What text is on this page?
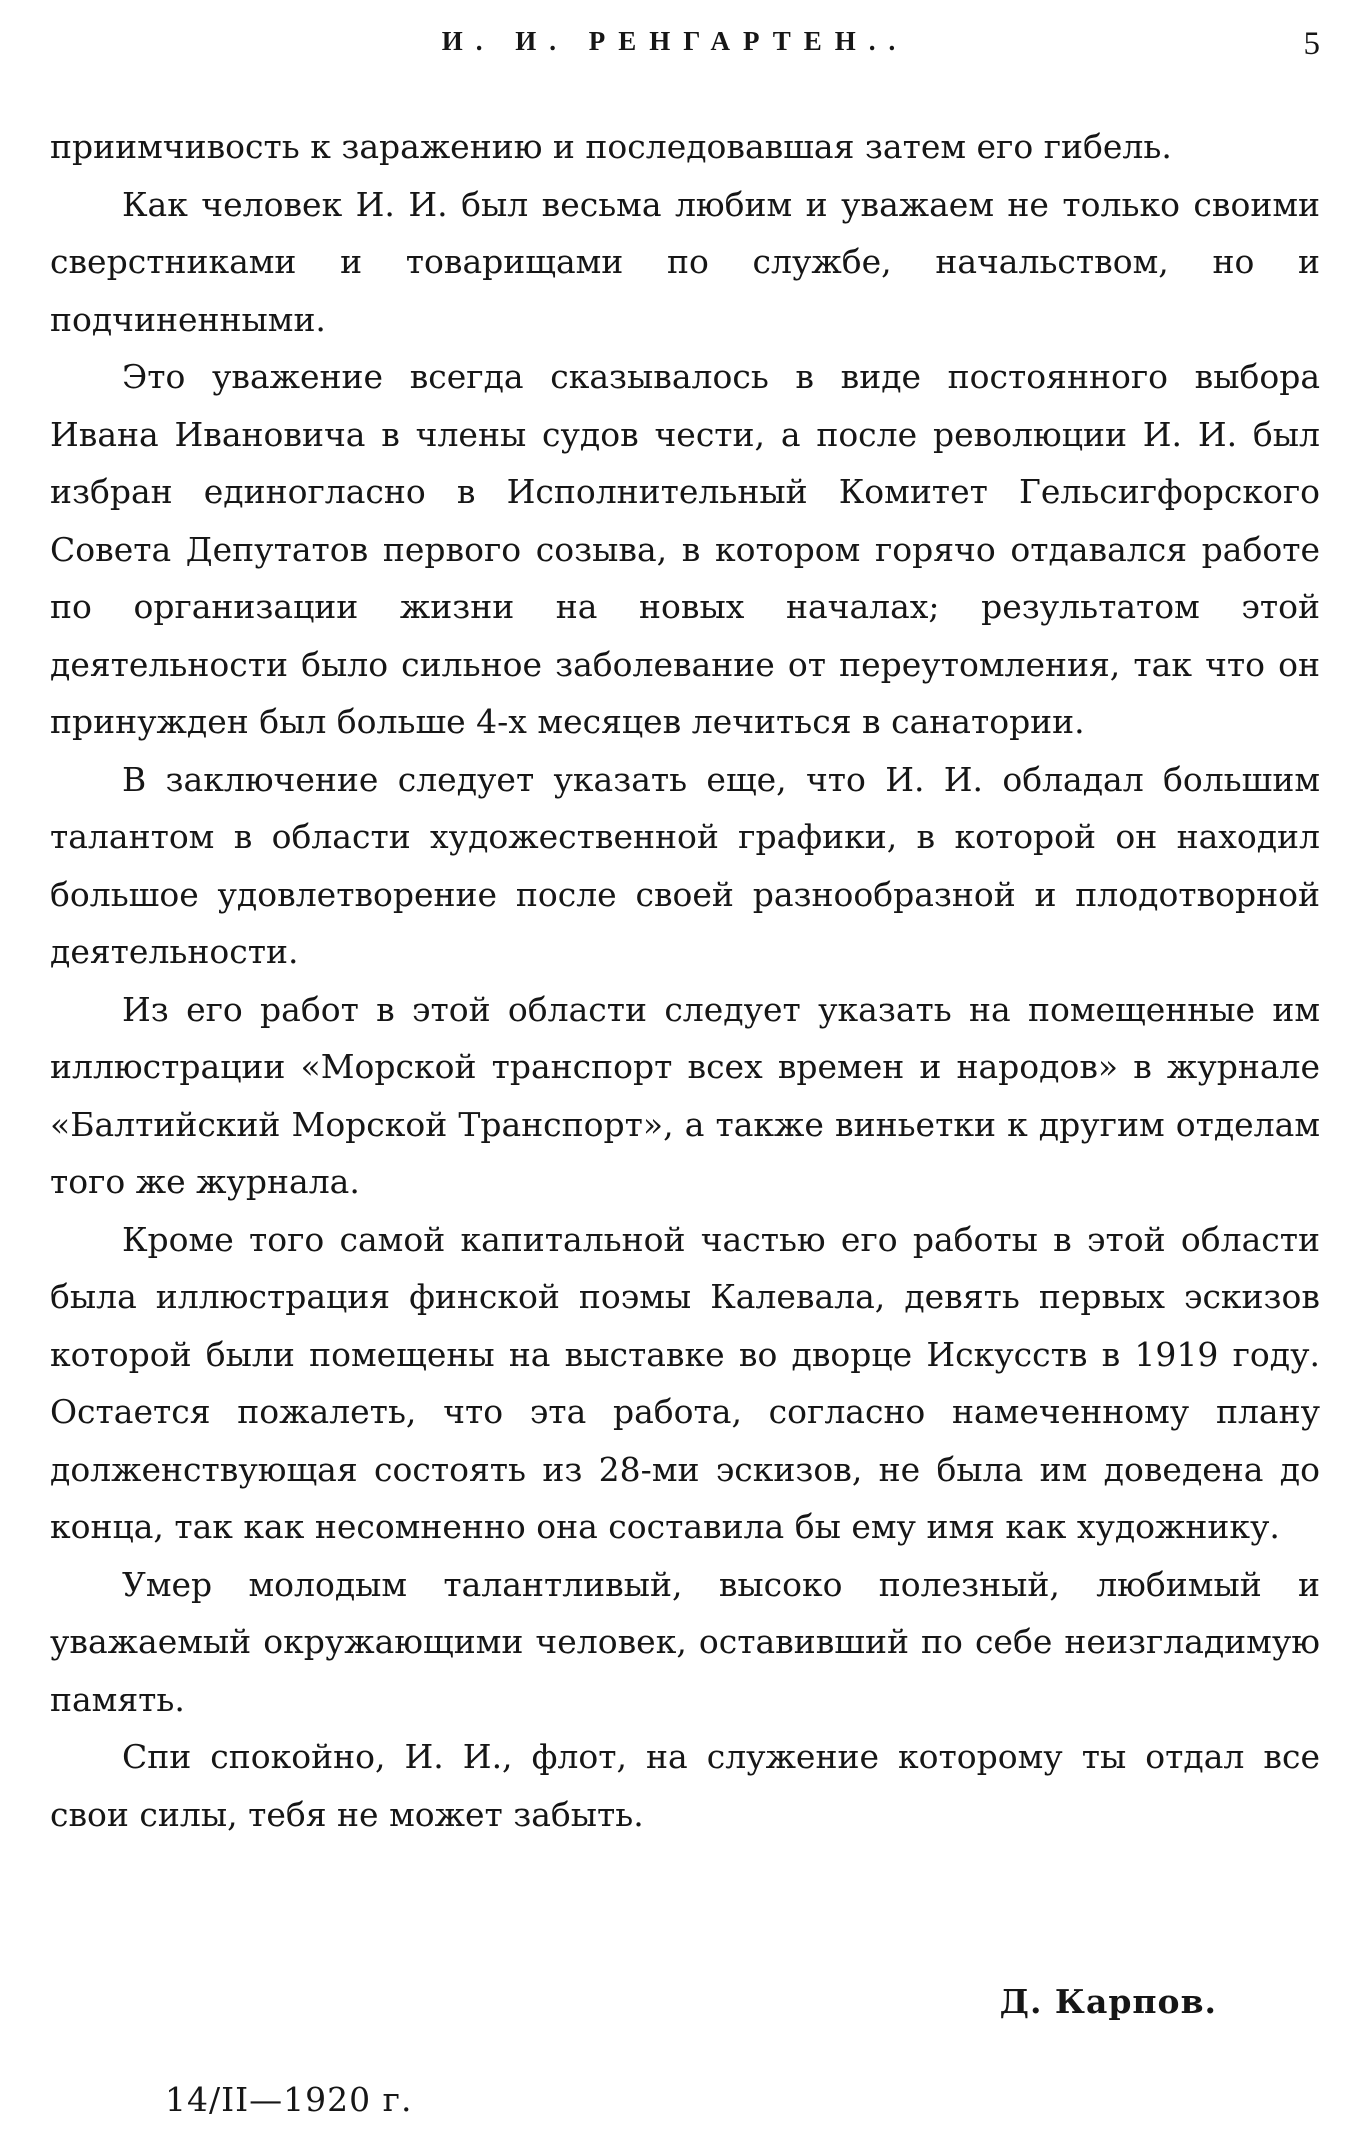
И. И. РЕНГАРТЕН..	5

приимчивость к заражению и последовавшая затем его гибель.

Как человек И. И. был весьма любим и уважаем не только своими сверстниками и товарищами по службе, начальством, но и подчиненными.

Это уважение всегда сказывалось в виде постоянного выбора Ивана Ивановича в члены судов чести, а после революции И. И. был избран единогласно в Исполнительный Комитет Гельсигфорского Совета Депутатов первого созыва, в котором горячо отдавался работе по организации жизни на новых началах; результатом этой деятельности было сильное заболевание от переутомления, так что он принужден был больше 4-х месяцев лечиться в санатории.

В заключение следует указать еще, что И. И. обладал большим талантом в области художественной графики, в которой он находил большое удовлетворение после своей разнообразной и плодотворной деятельности.

Из его работ в этой области следует указать на помещенные им иллюстрации «Морской транспорт всех времен и народов» в журнале «Балтийский Морской Транспорт», а также виньетки к другим отделам того же журнала.

Кроме того самой капитальной частью его работы в этой области была иллюстрация финской поэмы Калевала, девять первых эскизов которой были помещены на выставке во дворце Искусств в 1919 году. Остается пожалеть, что эта работа, согласно намеченному плану долженствующая состоять из 28-ми эскизов, не была им доведена до конца, так как несомненно она составила бы ему имя как художнику.

Умер молодым талантливый, высоко полезный, любимый и уважаемый окружающими человек, оставивший по себе неизгладимую память.

Спи спокойно, И. И., флот, на служение которому ты отдал все свои силы, тебя не может забыть.

Д. Карпов.
14/II—1920 г.
